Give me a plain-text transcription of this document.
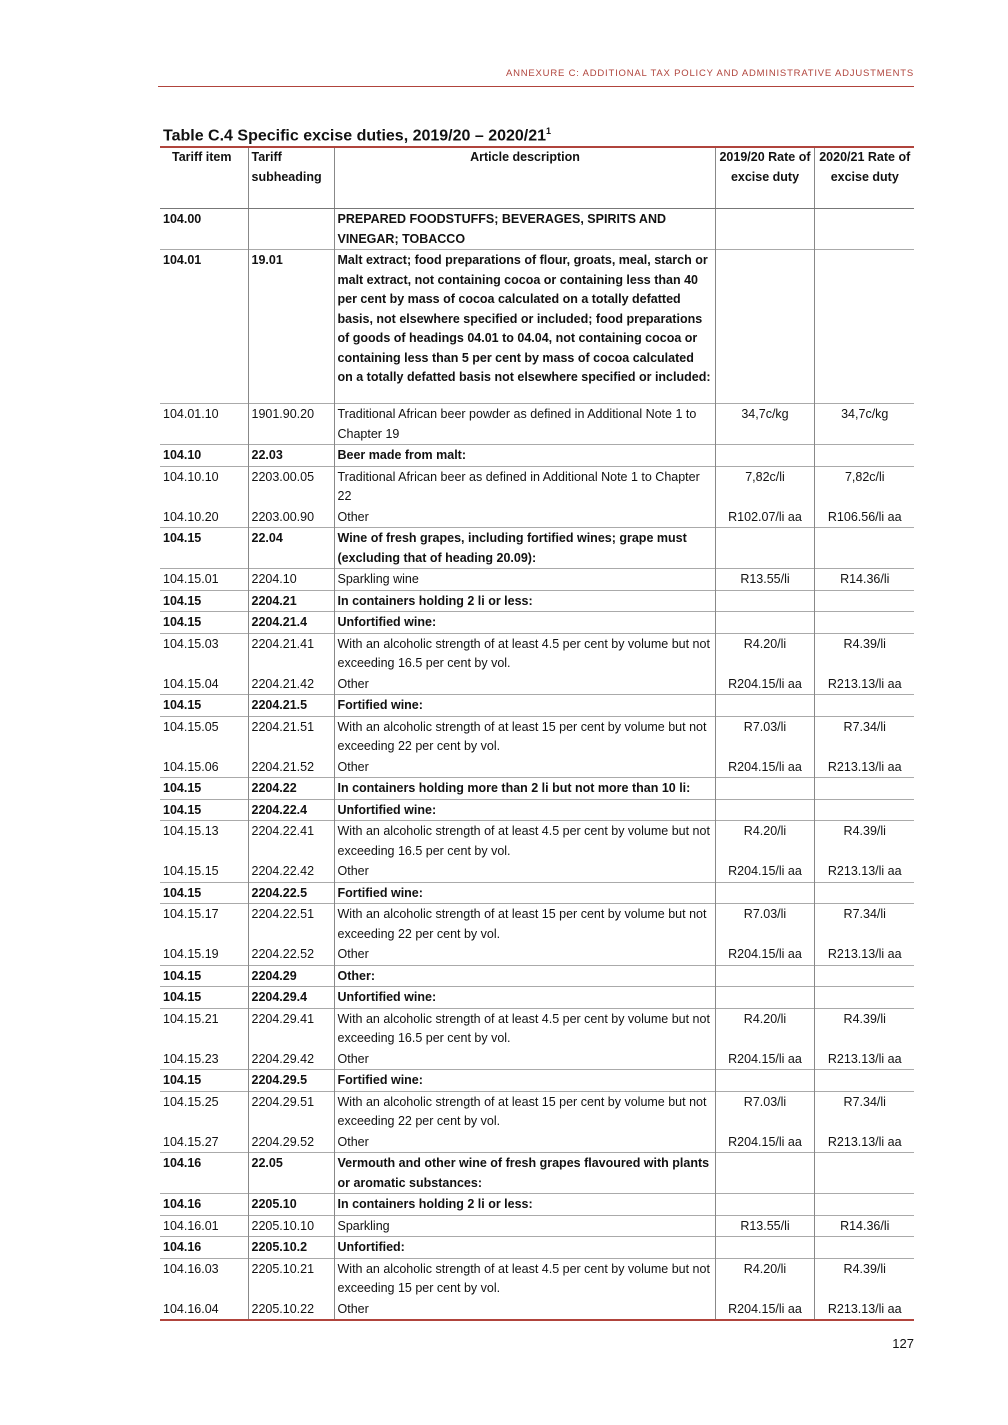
ANNEXURE C: ADDITIONAL TAX POLICY AND ADMINISTRATIVE ADJUSTMENTS
Table C.4 Specific excise duties, $2019/20 - 2020/21^1$
Tariff item	Tariff subheading	Article description	2019/20 Rate of excise duty	2020/21 Rate of excise duty
104.00		PREPARED FOODSTUFFS; BEVERAGES, SPIRITS AND VINEGAR; TOBACCO		
104.01	19.01	Malt extract; food preparations of flour, groats, meal, starch or malt extract, not containing cocoa or containing less than 40 per cent by mass of cocoa calculated on a totally defatted basis, not elsewhere specified or included; food preparations of goods of headings 04.01 to 04.04, not containing cocoa or containing less than 5 per cent by mass of cocoa calculated on a totally defatted basis not elsewhere specified or included:		
104.01.10	1901.90.20	Traditional African beer powder as defined in Additional Note 1 to Chapter 19	34,7c/kg	34,7c/kg
104.10	22.03	Beer made from malt:		
104.10.10	2203.00.05	Traditional African beer as defined in Additional Note 1 to Chapter 22	7,82c/li	7,82c/li
104.10.20	2203.00.90	Other	R102.07/li aa	R106.56/li aa
104.15	22.04	Wine of fresh grapes, including fortified wines; grape must (excluding that of heading 20.09):		
104.15.01	2204.10	Sparkling wine	R13.55/li	R14.36/li
104.15	2204.21	In containers holding 2 li or less:		
104.15	2204.21.4	Unfortified wine:		
104.15.03	2204.21.41	With an alcoholic strength of at least 4.5 per cent by volume but not exceeding 16.5 per cent by vol.	R4.20/li	R4.39/li
104.15.04	2204.21.42	Other	R204.15/li aa	R213.13/li aa
104.15	2204.21.5	Fortified wine:		
104.15.05	2204.21.51	With an alcoholic strength of at least 15 per cent by volume but not exceeding 22 per cent by vol.	R7.03/li	R7.34/li
104.15.06	2204.21.52	Other	R204.15/li aa	R213.13/li aa
104.15	2204.22	In containers holding more than 2 li but not more than 10 li:		
104.15	2204.22.4	Unfortified wine:		
104.15.13	2204.22.41	With an alcoholic strength of at least 4.5 per cent by volume but not exceeding 16.5 per cent by vol.	R4.20/li	R4.39/li
104.15.15	2204.22.42	Other	R204.15/li aa	R213.13/li aa
104.15	2204.22.5	Fortified wine:		
104.15.17	2204.22.51	With an alcoholic strength of at least 15 per cent by volume but not exceeding 22 per cent by vol.	R7.03/li	R7.34/li
104.15.19	2204.22.52	Other	R204.15/li aa	R213.13/li aa
104.15	2204.29	Other:		
104.15	2204.29.4	Unfortified wine:		
104.15.21	2204.29.41	With an alcoholic strength of at least 4.5 per cent by volume but not exceeding 16.5 per cent by vol.	R4.20/li	R4.39/li
104.15.23	2204.29.42	Other	R204.15/li aa	R213.13/li aa
104.15	2204.29.5	Fortified wine:		
104.15.25	2204.29.51	With an alcoholic strength of at least 15 per cent by volume but not exceeding 22 per cent by vol.	R7.03/li	R7.34/li
104.15.27	2204.29.52	Other	R204.15/li aa	R213.13/li aa
104.16	22.05	Vermouth and other wine of fresh grapes flavoured with plants or aromatic substances:		
104.16	2205.10	In containers holding 2 li or less:		
104.16.01	2205.10.10	Sparkling	R13.55/li	R14.36/li
104.16	2205.10.2	Unfortified:		
104.16.03	2205.10.21	With an alcoholic strength of at least 4.5 per cent by volume but not exceeding 15 per cent by vol.	R4.20/li	R4.39/li
104.16.04	2205.10.22	Other	R204.15/li aa	R213.13/li aa
127
